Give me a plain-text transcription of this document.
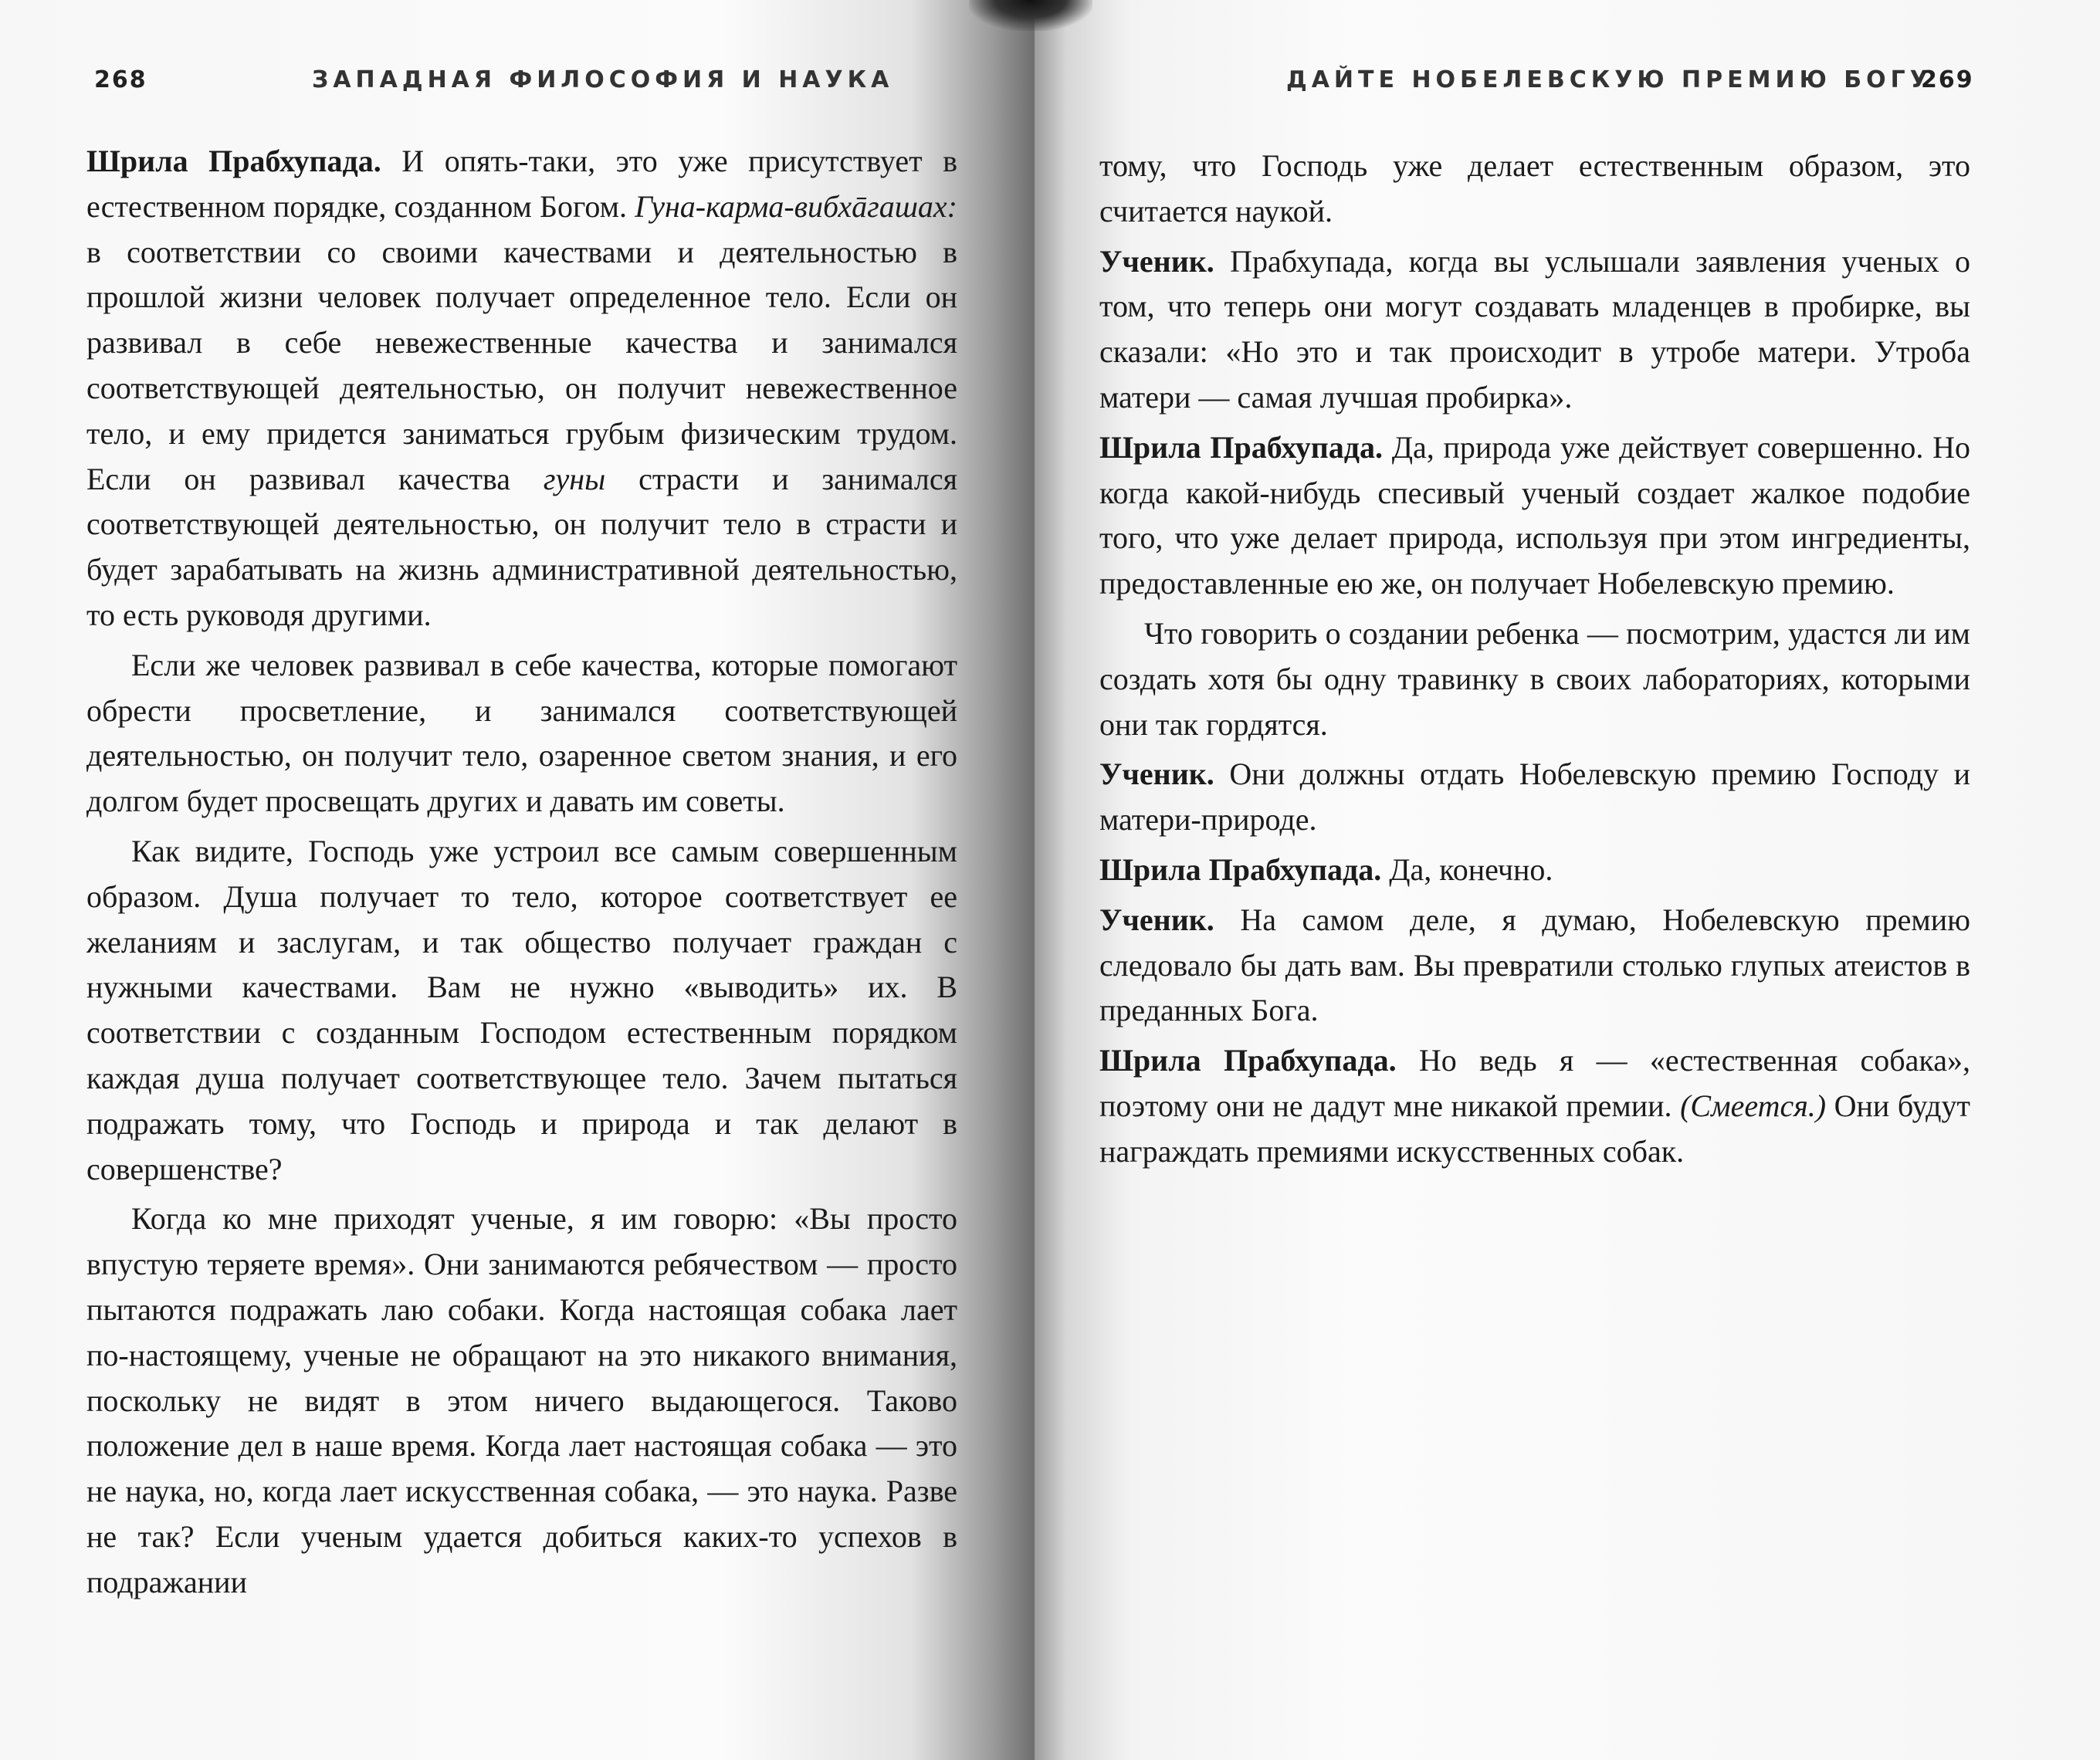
268	ЗАПАДНАЯ ФИЛОСОФИЯ И НАУКА

Шрила Прабхупада. И опять-таки, это уже присутствует в естественном порядке, созданном Богом. Гуна-карма-вибхāгашах: в соответствии со своими качествами и деятельностью в прошлой жизни человек получает определенное тело. Если он развивал в себе невежественные качества и занимался соответствующей деятельностью, он получит невежественное тело, и ему придется заниматься грубым физическим трудом. Если он развивал качества гуны страсти и занимался соответствующей деятельностью, он получит тело в страсти и будет зарабатывать на жизнь административной деятельностью, то есть руководя другими.

Если же человек развивал в себе качества, которые помогают обрести просветление, и занимался соответствующей деятельностью, он получит тело, озаренное светом знания, и его долгом будет просвещать других и давать им советы.

Как видите, Господь уже устроил все самым совершенным образом. Душа получает то тело, которое соответствует ее желаниям и заслугам, и так общество получает граждан с нужными качествами. Вам не нужно «выводить» их. В соответствии с созданным Господом естественным порядком каждая душа получает соответствующее тело. Зачем пытаться подражать тому, что Господь и природа и так делают в совершенстве?

Когда ко мне приходят ученые, я им говорю: «Вы просто впустую теряете время». Они занимаются ребячеством — просто пытаются подражать лаю собаки. Когда настоящая собака лает по-настоящему, ученые не обращают на это никакого внимания, поскольку не видят в этом ничего выдающегося. Таково положение дел в наше время. Когда лает настоящая собака — это не наука, но, когда лает искусственная собака, — это наука. Разве не так? Если ученым удается добиться каких-то успехов в подражании

ДАЙТЕ НОБЕЛЕВСКУЮ ПРЕМИЮ БОГУ
269

тому, что Господь уже делает естественным образом, это считается наукой.

Ученик. Прабхупада, когда вы услышали заявления ученых о том, что теперь они могут создавать младенцев в пробирке, вы сказали: «Но это и так происходит в утробе матери. Утроба матери — самая лучшая пробирка».

Шрила Прабхупада. Да, природа уже действует совершенно. Но когда какой-нибудь спесивый ученый создает жалкое подобие того, что уже делает природа, используя при этом ингредиенты, предоставленные ею же, он получает Нобелевскую премию.

Что говорить о создании ребенка — посмотрим, удастся ли им создать хотя бы одну травинку в своих лабораториях, которыми они так гордятся.

Ученик. Они должны отдать Нобелевскую премию Господу и матери-природе.

Шрила Прабхупада. Да, конечно.

Ученик. На самом деле, я думаю, Нобелевскую премию следовало бы дать вам. Вы превратили столько глупых атеистов в преданных Бога.

Шрила Прабхупада. Но ведь я — «естественная собака», поэтому они не дадут мне никакой премии. (Смеется.) Они будут награждать премиями искусственных собак.
